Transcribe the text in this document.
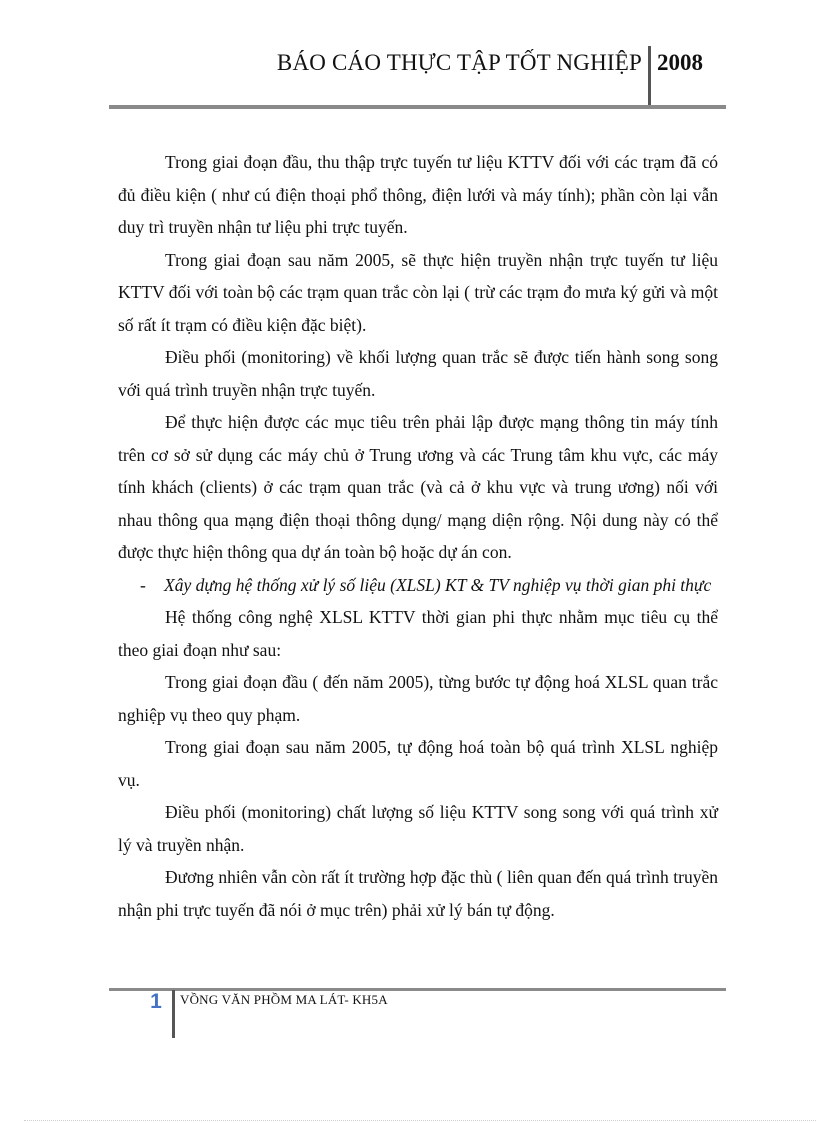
BÁO CÁO THỰC TẬP TỐT NGHIỆP 2008

Trong giai đoạn đầu, thu thập trực tuyến tư liệu KTTV đối với các trạm đã có đủ điều kiện ( như cú điện thoại phổ thông, điện lưới và máy tính); phần còn lại vẫn duy trì truyền nhận tư liệu phi trực tuyến.

Trong giai đoạn sau năm 2005, sẽ thực hiện truyền nhận trực tuyến tư liệu KTTV đối với toàn bộ các trạm quan trắc còn lại ( trừ các trạm đo mưa ký gửi và một số rất ít trạm có điều kiện đặc biệt).

Điều phối (monitoring) về khối lượng quan trắc sẽ được tiến hành song song với quá trình truyền nhận trực tuyến.

Để thực hiện được các mục tiêu trên phải lập được mạng thông tin máy tính trên cơ sở sử dụng các máy chủ ở Trung ương và các Trung tâm khu vực, các máy tính khách (clients) ở các trạm quan trắc (và cả ở khu vực và trung ương) nối với nhau thông qua mạng điện thoại thông dụng/ mạng diện rộng. Nội dung này có thể được thực hiện thông qua dự án toàn bộ hoặc dự án con.

- Xây dựng hệ thống xử lý số liệu (XLSL) KT & TV nghiệp vụ thời gian phi thực

Hệ thống công nghệ XLSL KTTV thời gian phi thực nhằm mục tiêu cụ thể theo giai đoạn như sau:

Trong giai đoạn đầu ( đến năm 2005), từng bước tự động hoá XLSL quan trắc nghiệp vụ theo quy phạm.

Trong giai đoạn sau năm 2005, tự động hoá toàn bộ quá trình XLSL nghiệp vụ.

Điều phối (monitoring) chất lượng số liệu KTTV song song với quá trình xử lý và truyền nhận.

Đương nhiên vẫn còn rất ít trường hợp đặc thù ( liên quan đến quá trình truyền nhận phi trực tuyến đã nói ở mục trên) phải xử lý bán tự động.

1	VỒNG VĂN PHỒM MA LÁT- KH5A
